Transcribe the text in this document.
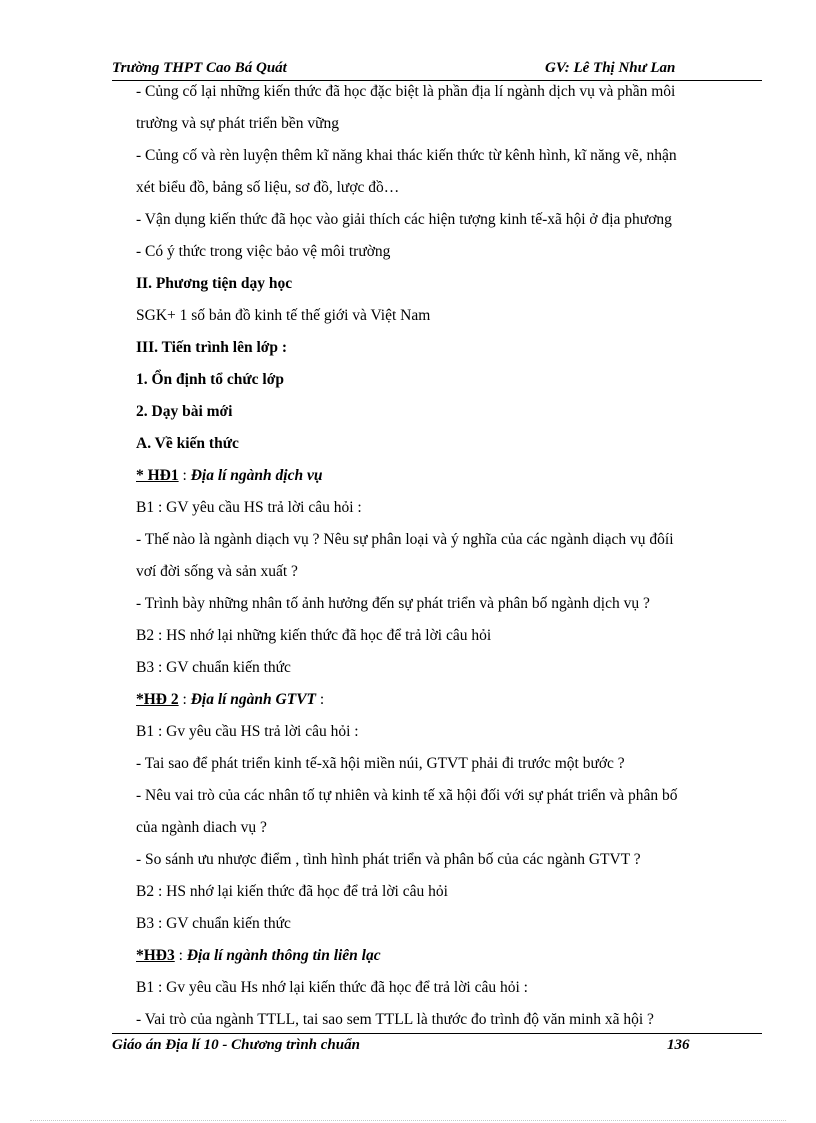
Trường THPT Cao Bá Quát	GV: Lê Thị Như Lan
- Củng cố lại những kiến thức đã học đặc biệt là phần địa lí ngành dịch vụ và phần môi
trường và sự phát triển bền vững
- Củng cố và rèn luyện thêm kĩ năng khai thác kiến thức từ kênh hình, kĩ năng vẽ, nhận
xét biểu đồ, bảng số liệu, sơ đồ, lược đồ…
- Vận dụng kiến thức đã học vào giải thích các hiện tượng kinh tế-xã hội ở địa phương
- Có ý thức trong việc bảo vệ môi trường
II. Phương tiện dạy học
SGK+ 1 số bản đồ kinh tế thế giới và Việt Nam
III. Tiến trình lên lớp :
1. Ổn định tổ chức lớp
2. Dạy bài mới
A. Về kiến thức
* HĐ1 : Địa lí ngành dịch vụ
B1 : GV yêu cầu HS trả lời câu hỏi :
- Thế nào là ngành diạch vụ ? Nêu sự phân loại và ý nghĩa của các ngành diạch vụ đôíi
vơí đời sống và sản xuất ?
- Trình bày những nhân tố ảnh hưởng đến sự phát triển và phân bố ngành dịch vụ ?
B2 : HS nhớ lại những kiến thức đã học để trả lời câu hỏi
B3 : GV chuẩn kiến thức
*HĐ 2 : Địa lí ngành GTVT :
B1 : Gv yêu cầu HS trả lời câu hỏi :
- Tai sao để phát triển kinh tế-xã hội miền núi, GTVT phải đi trước một bước ?
- Nêu vai trò của các nhân tố tự nhiên và kinh tế xã hội đối với sự phát triển và phân bố
của ngành diach vụ ?
- So sánh ưu nhược điểm , tình hình phát triển và phân bố của các ngành GTVT ?
B2 : HS nhớ lại kiến thức đã học để trả lời câu hỏi
B3 : GV chuẩn kiến thức
*HĐ3 : Địa lí ngành thông tin liên lạc
B1 : Gv yêu cầu Hs nhớ lại kiến thức đã học để trả lời câu hỏi :
- Vai trò của ngành TTLL, tai sao sem TTLL là thước đo trình độ văn minh xã hội ?
Giáo án Địa lí 10 - Chương trình chuẩn	136
